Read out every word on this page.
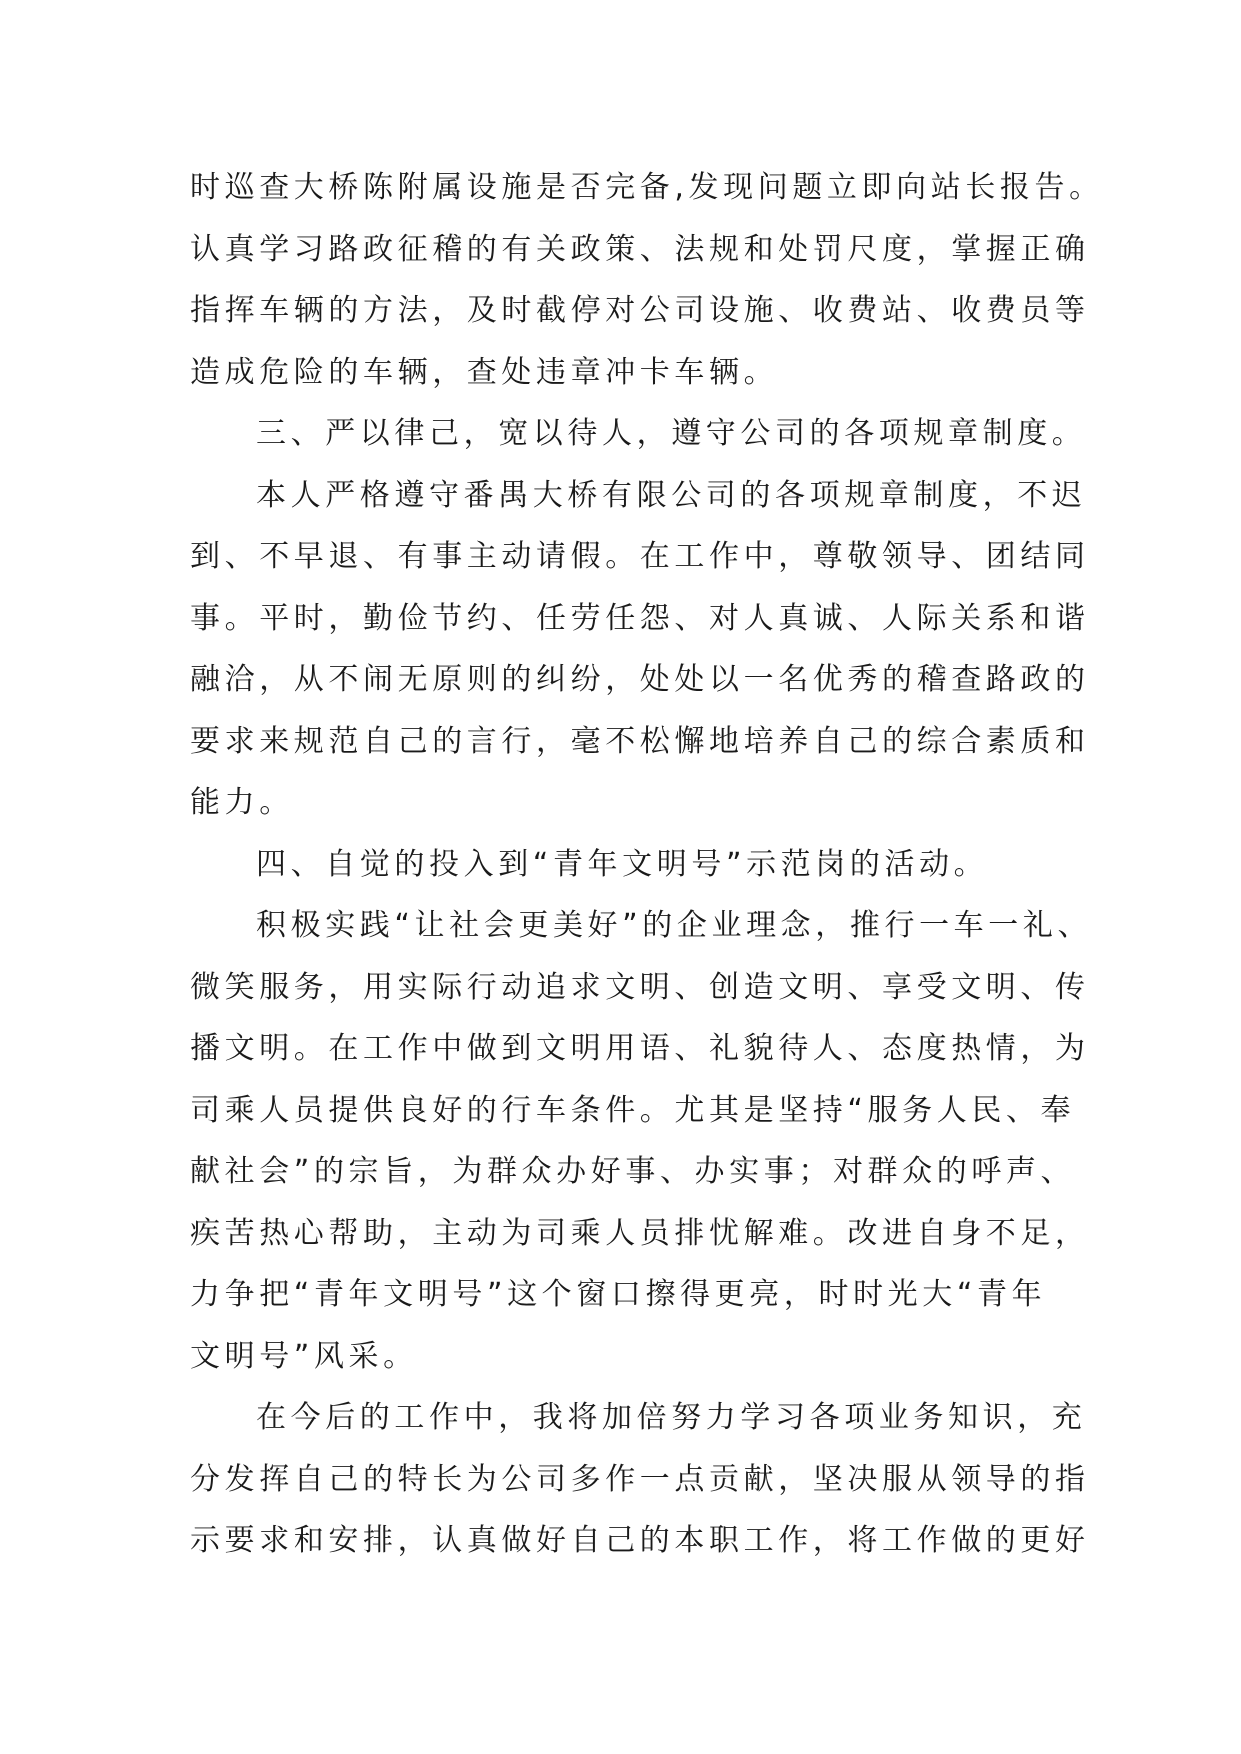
时巡查大桥陈附属设施是否完备,发现问题立即向站长报告。
认真学习路政征稽的有关政策、法规和处罚尺度，掌握正确
指挥车辆的方法，及时截停对公司设施、收费站、收费员等
造成危险的车辆，查处违章冲卡车辆。
三、严以律己，宽以待人，遵守公司的各项规章制度。
本人严格遵守番禺大桥有限公司的各项规章制度，不迟
到、不早退、有事主动请假。在工作中，尊敬领导、团结同
事。平时，勤俭节约、任劳任怨、对人真诚、人际关系和谐
融洽，从不闹无原则的纠纷，处处以一名优秀的稽查路政的
要求来规范自己的言行，毫不松懈地培养自己的综合素质和
能力。
四、自觉的投入到“青年文明号”示范岗的活动。
积极实践“让社会更美好”的企业理念，推行一车一礼、
微笑服务，用实际行动追求文明、创造文明、享受文明、传
播文明。在工作中做到文明用语、礼貌待人、态度热情，为
司乘人员提供良好的行车条件。尤其是坚持“服务人民、奉
献社会”的宗旨，为群众办好事、办实事；对群众的呼声、
疾苦热心帮助，主动为司乘人员排忧解难。改进自身不足，
力争把“青年文明号”这个窗口擦得更亮，时时光大“青年
文明号”风采。
在今后的工作中，我将加倍努力学习各项业务知识，充
分发挥自己的特长为公司多作一点贡献，坚决服从领导的指
示要求和安排，认真做好自己的本职工作，将工作做的更好
